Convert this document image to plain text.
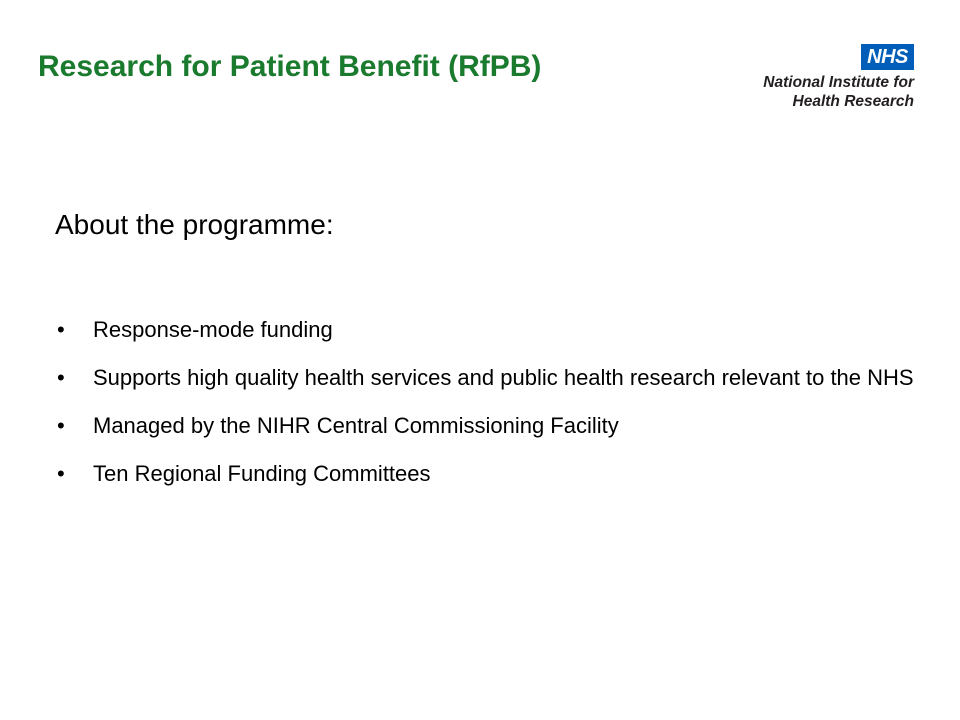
Research for Patient Benefit (RfPB)	NHS
National Institute for
Health Research
About the programme:
• Response-mode funding
• Supports high quality health services and public health research relevant to the NHS
• Managed by the NIHR Central Commissioning Facility
• Ten Regional Funding Committees
